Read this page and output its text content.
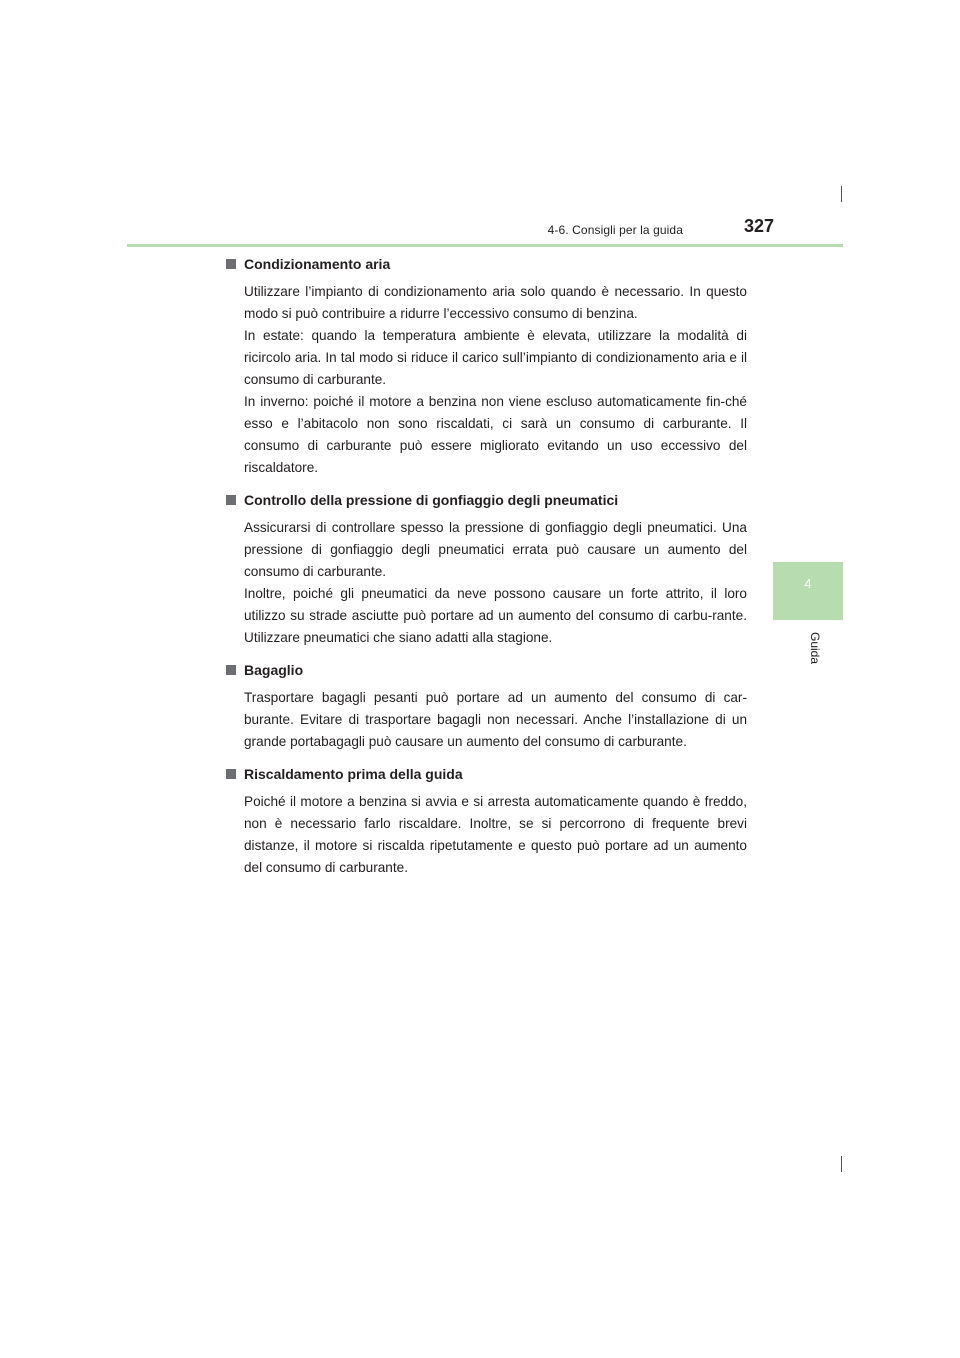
4-6. Consigli per la guida	327
4
Guida
Condizionamento aria

Utilizzare l’impianto di condizionamento aria solo quando è necessario. In questo modo si può contribuire a ridurre l’eccessivo consumo di benzina.

In estate: quando la temperatura ambiente è elevata, utilizzare la modalità di ricircolo aria. In tal modo si riduce il carico sull’impianto di condizionamento aria e il consumo di carburante.

In inverno: poiché il motore a benzina non viene escluso automaticamente fin-ché esso e l’abitacolo non sono riscaldati, ci sarà un consumo di carburante. Il consumo di carburante può essere migliorato evitando un uso eccessivo del riscaldatore.

Controllo della pressione di gonfiaggio degli pneumatici

Assicurarsi di controllare spesso la pressione di gonfiaggio degli pneumatici. Una pressione di gonfiaggio degli pneumatici errata può causare un aumento del consumo di carburante.

Inoltre, poiché gli pneumatici da neve possono causare un forte attrito, il loro utilizzo su strade asciutte può portare ad un aumento del consumo di carbu-rante. Utilizzare pneumatici che siano adatti alla stagione.

Bagaglio

Trasportare bagagli pesanti può portare ad un aumento del consumo di car-burante. Evitare di trasportare bagagli non necessari. Anche l’installazione di un grande portabagagli può causare un aumento del consumo di carburante.

Riscaldamento prima della guida

Poiché il motore a benzina si avvia e si arresta automaticamente quando è freddo, non è necessario farlo riscaldare. Inoltre, se si percorrono di frequente brevi distanze, il motore si riscalda ripetutamente e questo può portare ad un aumento del consumo di carburante.
